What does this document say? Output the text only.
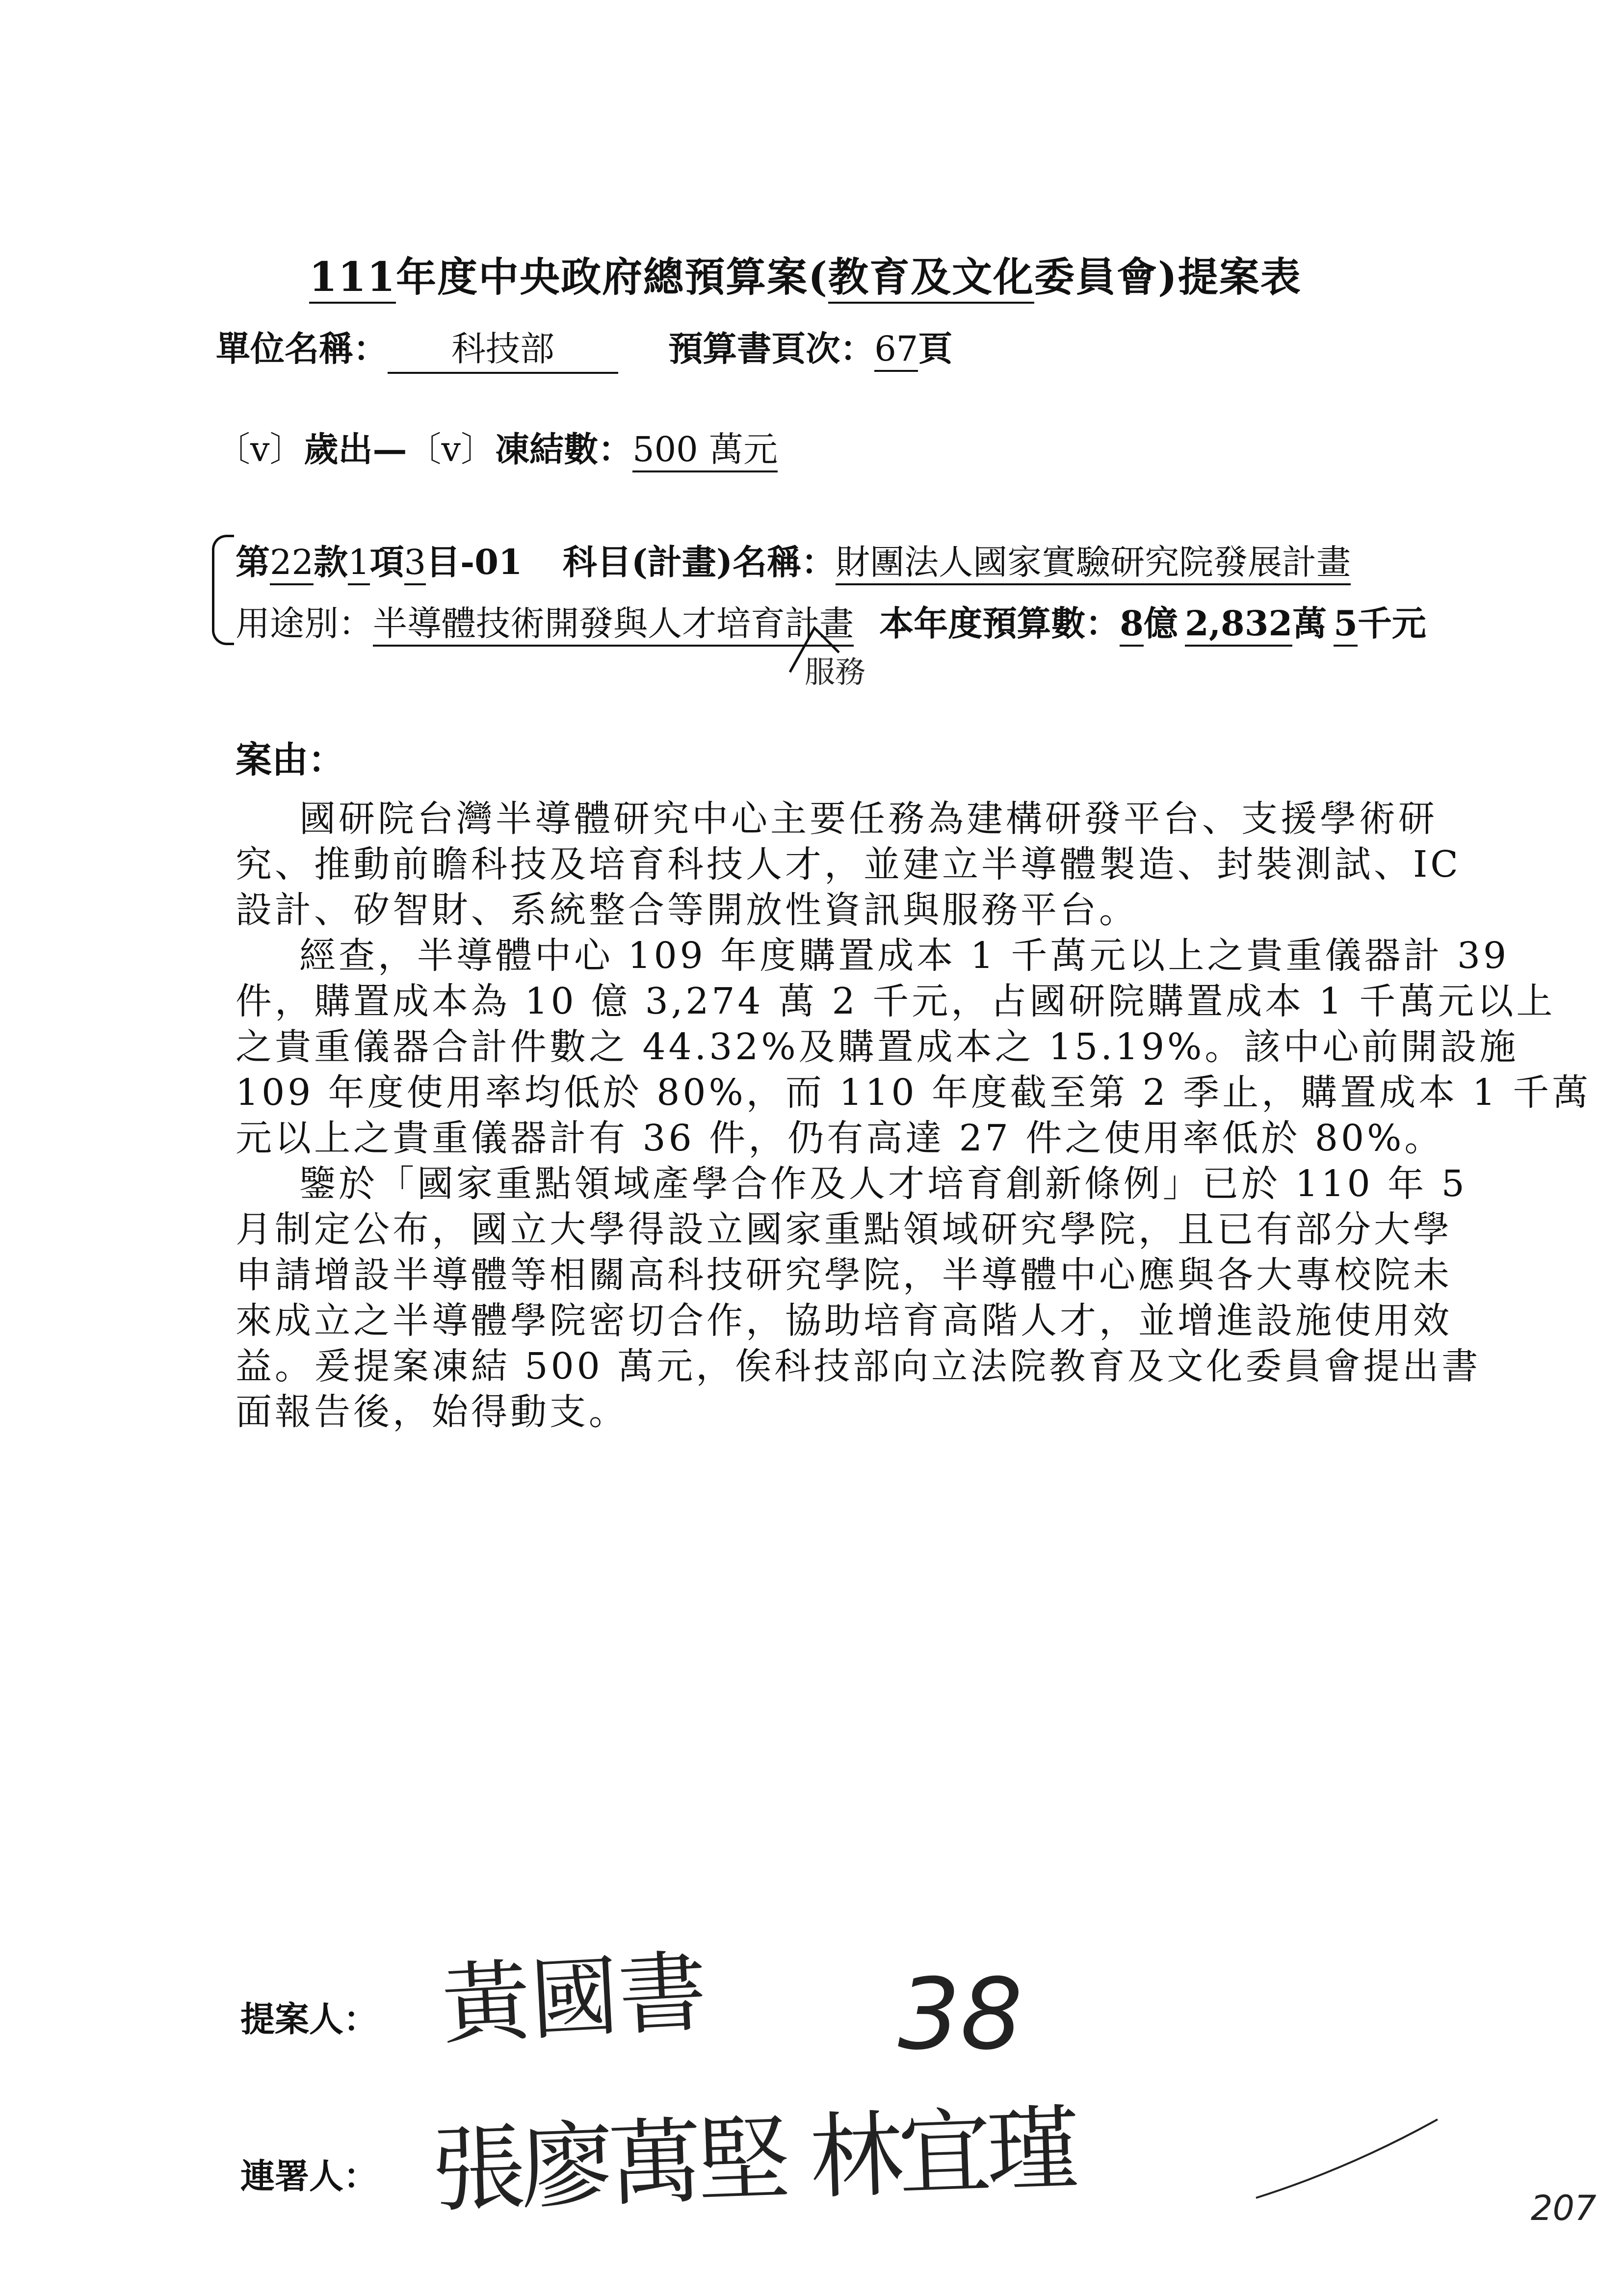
111年度中央政府總預算案(教育及文化委員會)提案表
單位名稱： 科技部	預算書頁次：67頁
〔v〕歲出—〔v〕凍結數：500 萬元
第22款1項3目-01 科目(計畫)名稱：財團法人國家實驗研究院發展計畫
用途別：半導體技術開發與人才培育計畫 本年度預算數：8億 2,832萬 5千元
服務
案由：
國研院台灣半導體研究中心主要任務為建構研發平台、支援學術研
究、推動前瞻科技及培育科技人才，並建立半導體製造、封裝測試、IC
設計、矽智財、系統整合等開放性資訊與服務平台。
經查，半導體中心 109 年度購置成本 1 千萬元以上之貴重儀器計 39
件，購置成本為 10 億 3,274 萬 2 千元，占國研院購置成本 1 千萬元以上
之貴重儀器合計件數之 44.32%及購置成本之 15.19%。該中心前開設施
109 年度使用率均低於 80%，而 110 年度截至第 2 季止，購置成本 1 千萬
元以上之貴重儀器計有 36 件，仍有高達 27 件之使用率低於 80%。
鑒於「國家重點領域產學合作及人才培育創新條例」已於 110 年 5
月制定公布，國立大學得設立國家重點領域研究學院，且已有部分大學
申請增設半導體等相關高科技研究學院，半導體中心應與各大專校院未
來成立之半導體學院密切合作，協助培育高階人才，並增進設施使用效
益。爰提案凍結 500 萬元，俟科技部向立法院教育及文化委員會提出書
面報告後，始得動支。
提案人： 黃國書 38
連署人： 張廖萬堅 林宜瑾	207
